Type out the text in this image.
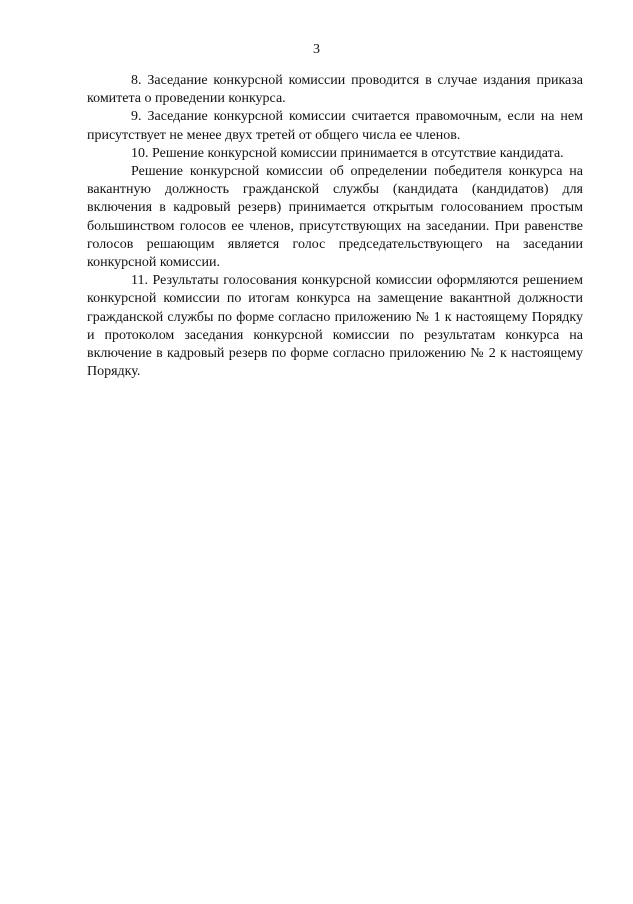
3

8. Заседание конкурсной комиссии проводится в случае издания приказа комитета о проведении конкурса.

9. Заседание конкурсной комиссии считается правомочным, если на нем присутствует не менее двух третей от общего числа ее членов.

10. Решение конкурсной комиссии принимается в отсутствие кандидата.

Решение конкурсной комиссии об определении победителя конкурса на вакантную должность гражданской службы (кандидата (кандидатов) для включения в кадровый резерв) принимается открытым голосованием простым большинством голосов ее членов, присутствующих на заседании. При равенстве голосов решающим является голос председательствующего на заседании конкурсной комиссии.

11. Результаты голосования конкурсной комиссии оформляются решением конкурсной комиссии по итогам конкурса на замещение вакантной должности гражданской службы по форме согласно приложению № 1 к настоящему Порядку и протоколом заседания конкурсной комиссии по результатам конкурса на включение в кадровый резерв по форме согласно приложению № 2 к настоящему Порядку.
